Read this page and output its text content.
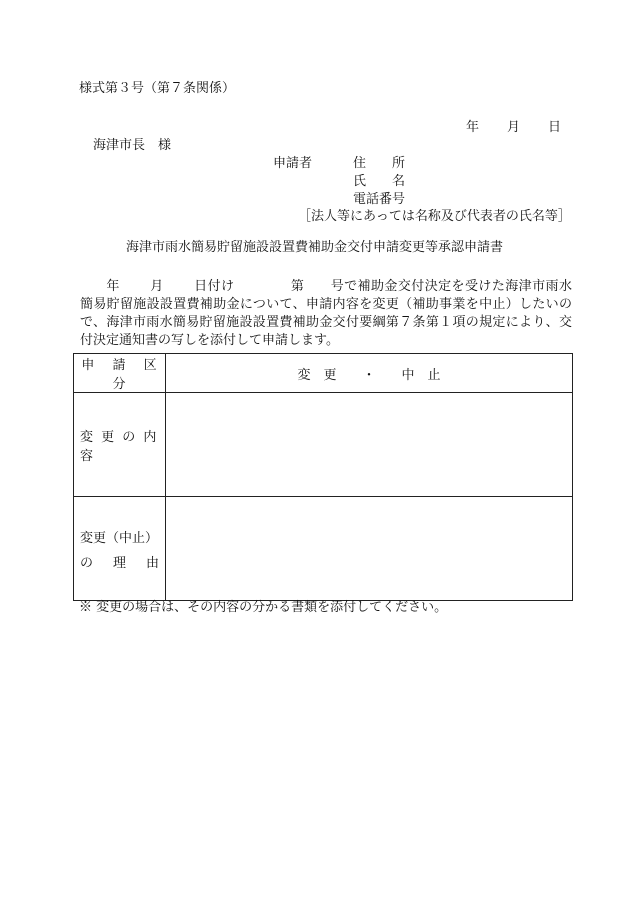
様式第３号（第７条関係）
年 月 日
海津市長　様
申請者	住　　所
氏　　名
電話番号
［法人等にあっては名称及び代表者の氏名等］
海津市雨水簡易貯留施設設置費補助金交付申請変更等承認申請書
年 月 日付け	第 号で補助金交付決定を受けた海津市雨水簡易貯留施設設置費補助金について、申請内容を変更（補助事業を中止）したいので、海津市雨水簡易貯留施設設置費補助金交付要綱第７条第１項の規定により、交付決定通知書の写しを添付して申請します。
申 請 区 分	変　更　　・　　中　止

変 更 の 内 容	

変更（中止）
の 理 由	

※ 変更の場合は、その内容の分かる書類を添付してください。
